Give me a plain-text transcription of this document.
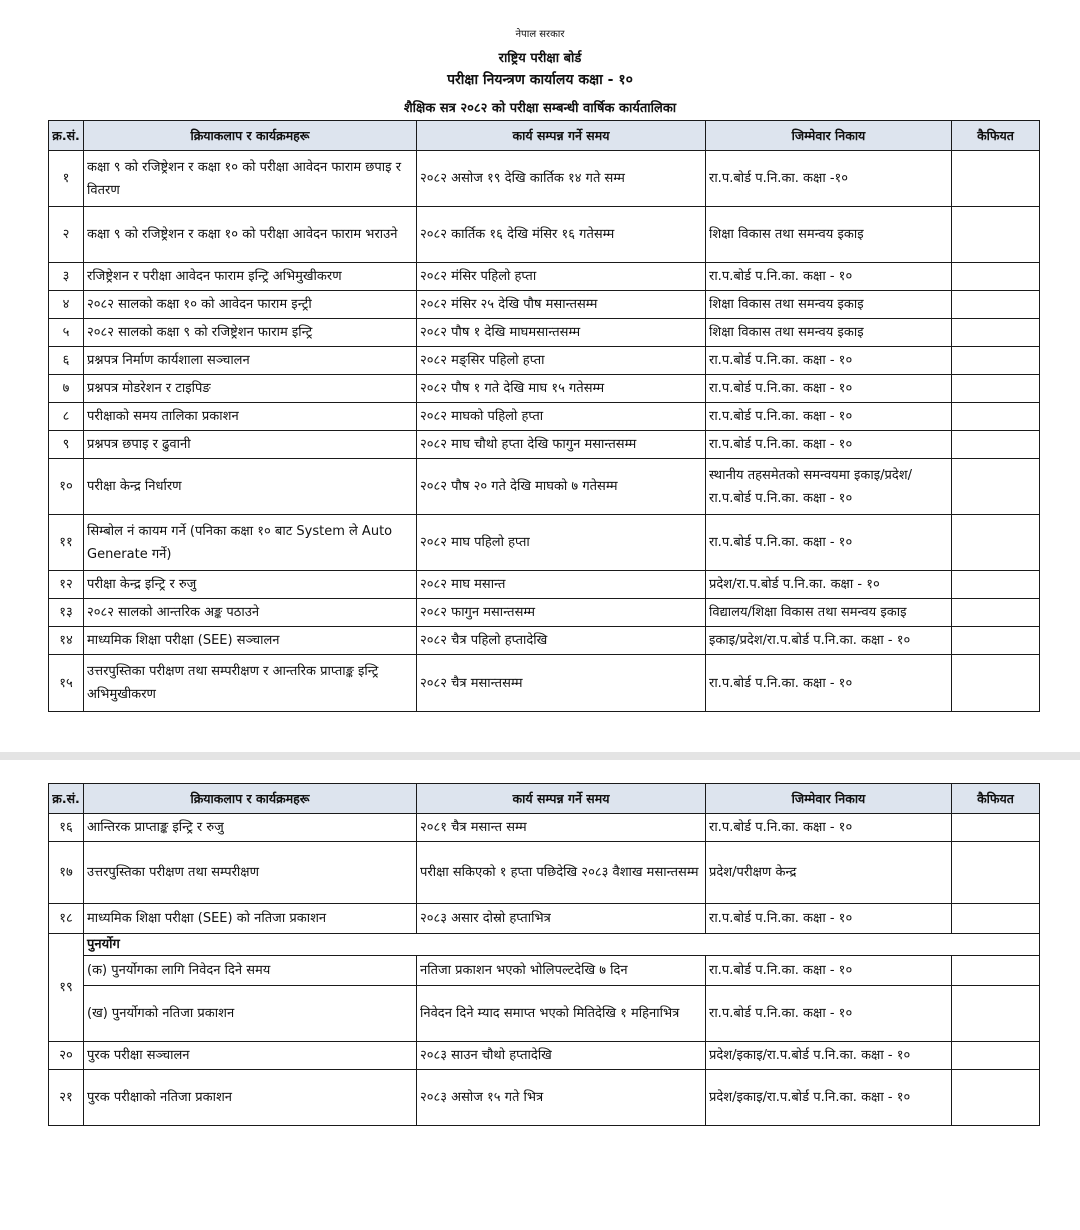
नेपाल सरकार
राष्ट्रिय परीक्षा बोर्ड
परीक्षा नियन्त्रण कार्यालय कक्षा - १०
शैक्षिक सत्र २०८२ को परीक्षा सम्बन्धी वार्षिक कार्यतालिका
क्र.सं.	क्रियाकलाप र कार्यक्रमहरू	कार्य सम्पन्न गर्ने समय	जिम्मेवार निकाय	कैफियत
१	कक्षा ९ को रजिष्ट्रेशन र कक्षा १० को परीक्षा आवेदन फाराम छपाइ र वितरण	२०८२ असोज १९ देखि कार्तिक १४ गते सम्म	रा.प.बोर्ड प.नि.का. कक्षा -१०	
२	कक्षा ९ को रजिष्ट्रेशन र कक्षा १० को परीक्षा आवेदन फाराम भराउने	२०८२ कार्तिक १६ देखि मंसिर १६ गतेसम्म	शिक्षा विकास तथा समन्वय इकाइ	
३	रजिष्ट्रेशन र परीक्षा आवेदन फाराम इन्ट्रि अभिमुखीकरण	२०८२ मंसिर पहिलो हप्ता	रा.प.बोर्ड प.नि.का. कक्षा - १०	
४	२०८२ सालको कक्षा १० को आवेदन फाराम इन्ट्री	२०८२ मंसिर २५ देखि पौष मसान्तसम्म	शिक्षा विकास तथा समन्वय इकाइ	
५	२०८२ सालको कक्षा ९ को रजिष्ट्रेशन फाराम इन्ट्रि	२०८२ पौष १ देखि माघमसान्तसम्म	शिक्षा विकास तथा समन्वय इकाइ	
६	प्रश्नपत्र निर्माण कार्यशाला सञ्चालन	२०८२ मङ्सिर पहिलो हप्ता	रा.प.बोर्ड प.नि.का. कक्षा - १०	
७	प्रश्नपत्र मोडरेशन र टाइपिङ	२०८२ पौष १ गते देखि माघ १५ गतेसम्म	रा.प.बोर्ड प.नि.का. कक्षा - १०	
८	परीक्षाको समय तालिका प्रकाशन	२०८२ माघको पहिलो हप्ता	रा.प.बोर्ड प.नि.का. कक्षा - १०	
९	प्रश्नपत्र छपाइ र ढुवानी	२०८२ माघ चौथो हप्ता देखि फागुन मसान्तसम्म	रा.प.बोर्ड प.नि.का. कक्षा - १०	
१०	परीक्षा केन्द्र निर्धारण	२०८२ पौष २० गते देखि माघको ७ गतेसम्म	स्थानीय तहसमेतको समन्वयमा इकाइ/प्रदेश/रा.प.बोर्ड प.नि.का. कक्षा - १०	
११	सिम्बोल नं कायम गर्ने (पनिका कक्षा १० बाट System ले Auto Generate गर्ने)	२०८२ माघ पहिलो हप्ता	रा.प.बोर्ड प.नि.का. कक्षा - १०	
१२	परीक्षा केन्द्र इन्ट्रि र रुजु	२०८२ माघ मसान्त	प्रदेश/रा.प.बोर्ड प.नि.का. कक्षा - १०	
१३	२०८२ सालको आन्तरिक अङ्क पठाउने	२०८२ फागुन मसान्तसम्म	विद्यालय/शिक्षा विकास तथा समन्वय इकाइ	
१४	माध्यमिक शिक्षा परीक्षा (SEE) सञ्चालन	२०८२ चैत्र पहिलो हप्तादेखि	इकाइ/प्रदेश/रा.प.बोर्ड प.नि.का. कक्षा - १०	
१५	उत्तरपुस्तिका परीक्षण तथा सम्परीक्षण र आन्तरिक प्राप्ताङ्क इन्ट्रि अभिमुखीकरण	२०८२ चैत्र मसान्तसम्म	रा.प.बोर्ड प.नि.का. कक्षा - १०	
क्र.सं.	क्रियाकलाप र कार्यक्रमहरू	कार्य सम्पन्न गर्ने समय	जिम्मेवार निकाय	कैफियत
१६	आन्तिरक प्राप्ताङ्क इन्ट्रि र रुजु	२०८१ चैत्र मसान्त सम्म	रा.प.बोर्ड प.नि.का. कक्षा - १०	
१७	उत्तरपुस्तिका परीक्षण तथा सम्परीक्षण	परीक्षा सकिएको १ हप्ता पछिदेखि २०८३ वैशाख मसान्तसम्म	प्रदेश/परीक्षण केन्द्र	
१८	माध्यमिक शिक्षा परीक्षा (SEE) को नतिजा प्रकाशन	२०८३ असार दोस्रो हप्ताभित्र	रा.प.बोर्ड प.नि.का. कक्षा - १०	
१९	पुनर्योग			
	(क) पुनर्योगका लागि निवेदन दिने समय	नतिजा प्रकाशन भएको भोलिपल्टदेखि ७ दिन	रा.प.बोर्ड प.नि.का. कक्षा - १०	
	(ख) पुनर्योगको नतिजा प्रकाशन	निवेदन दिने म्याद समाप्त भएको मितिदेखि १ महिनाभित्र	रा.प.बोर्ड प.नि.का. कक्षा - १०	
२०	पुरक परीक्षा सञ्चालन	२०८३ साउन चौथो हप्तादेखि	प्रदेश/इकाइ/रा.प.बोर्ड प.नि.का. कक्षा - १०	
२१	पुरक परीक्षाको नतिजा प्रकाशन	२०८३ असोज १५ गते भित्र	प्रदेश/इकाइ/रा.प.बोर्ड प.नि.का. कक्षा - १०	
